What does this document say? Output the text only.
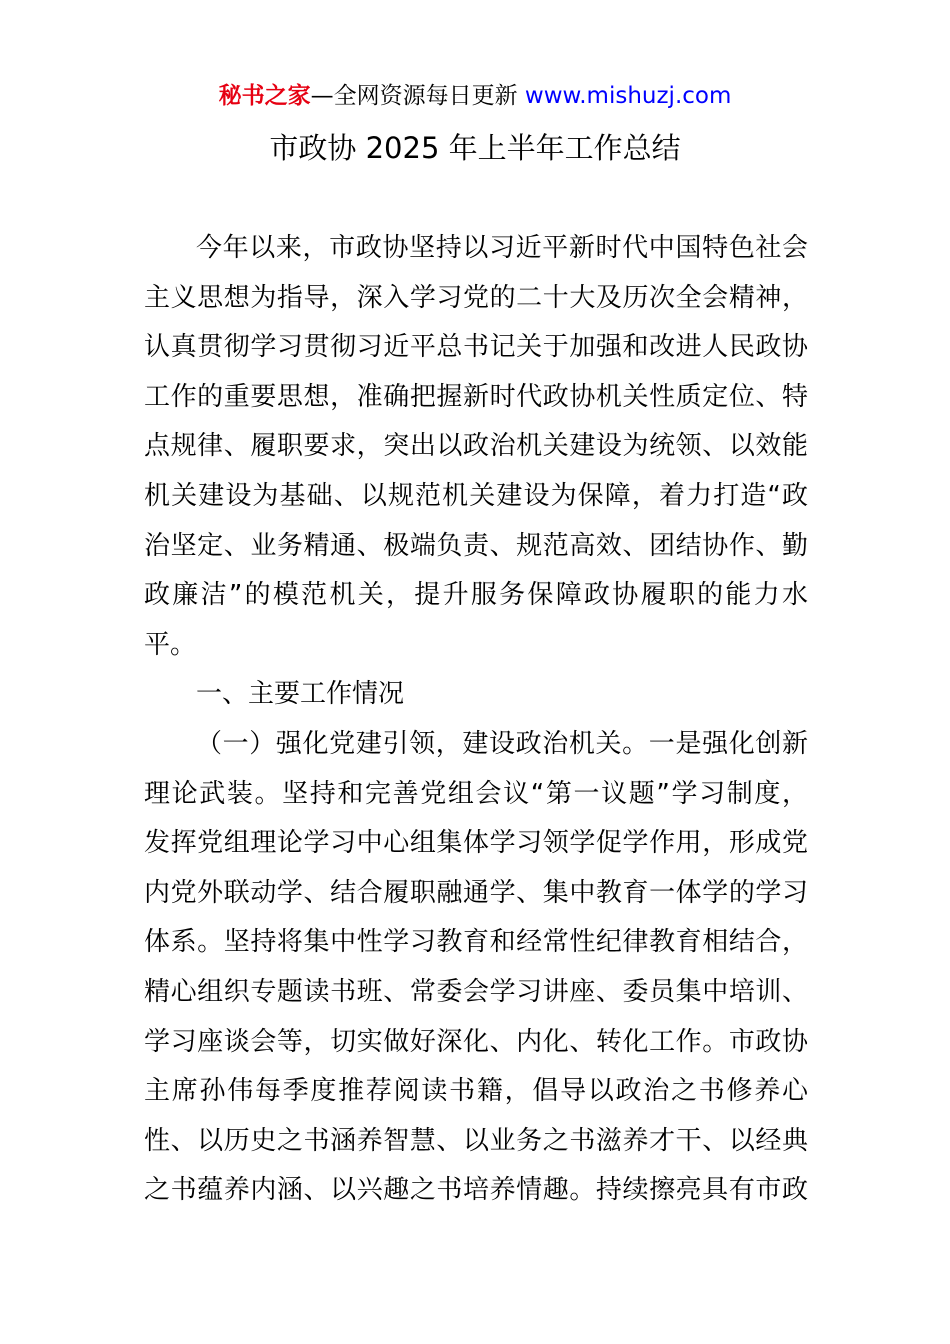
秘书之家—全网资源每日更新 www.mishuzj.com
市政协 2025 年上半年工作总结
今年以来，市政协坚持以习近平新时代中国特色社会
主义思想为指导，深入学习党的二十大及历次全会精神，
认真贯彻学习贯彻习近平总书记关于加强和改进人民政协
工作的重要思想，准确把握新时代政协机关性质定位、特
点规律、履职要求，突出以政治机关建设为统领、以效能
机关建设为基础、以规范机关建设为保障，着力打造“政
治坚定、业务精通、极端负责、规范高效、团结协作、勤
政廉洁”的模范机关，提升服务保障政协履职的能力水
平。
一、主要工作情况
（一）强化党建引领，建设政治机关。一是强化创新
理论武装。坚持和完善党组会议“第一议题”学习制度，
发挥党组理论学习中心组集体学习领学促学作用，形成党
内党外联动学、结合履职融通学、集中教育一体学的学习
体系。坚持将集中性学习教育和经常性纪律教育相结合，
精心组织专题读书班、常委会学习讲座、委员集中培训、
学习座谈会等，切实做好深化、内化、转化工作。市政协
主席孙伟每季度推荐阅读书籍，倡导以政治之书修养心
性、以历史之书涵养智慧、以业务之书滋养才干、以经典
之书蕴养内涵、以兴趣之书培养情趣。持续擦亮具有市政
